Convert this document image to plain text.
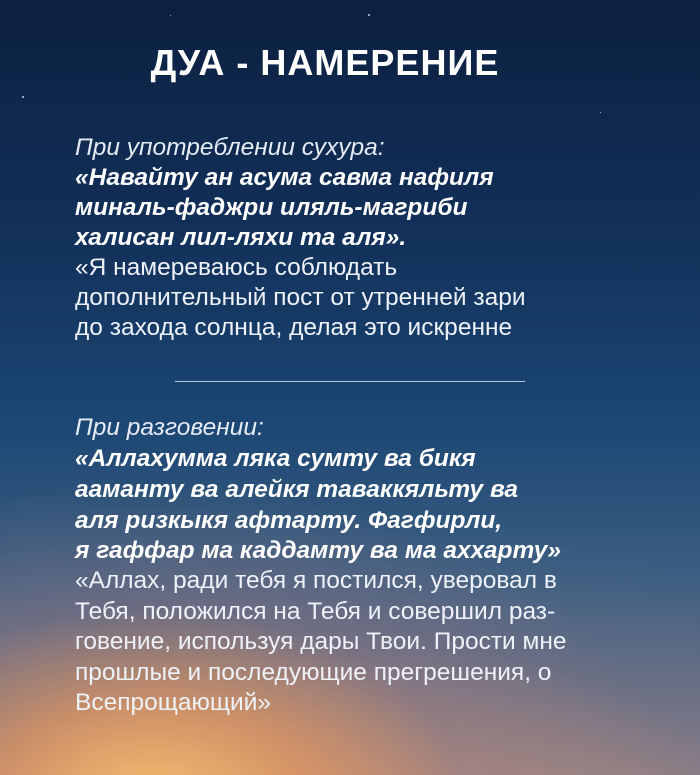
ДУА - НАМЕРЕНИЕ
При употреблении сухура:
«Навайту ан асума савма нафиля
миналь-фаджри иляль-магриби
халисан лил-ляхи та аля».
«Я намереваюсь соблюдать
дополнительный пост от утренней зари
до захода солнца, делая это искренне
При разговении:
«Аллахумма ляка сумту ва бикя
ааманту ва алейкя таваккяльту ва
аля ризкыкя афтарту. Фагфирли,
я гаффар ма каддамту ва ма аххарту»
«Аллах, ради тебя я постился, уверовал в
Тебя, положился на Тебя и совершил раз-
говение, используя дары Твои. Прости мне
прошлые и последующие прегрешения, о
Всепрощающий»
